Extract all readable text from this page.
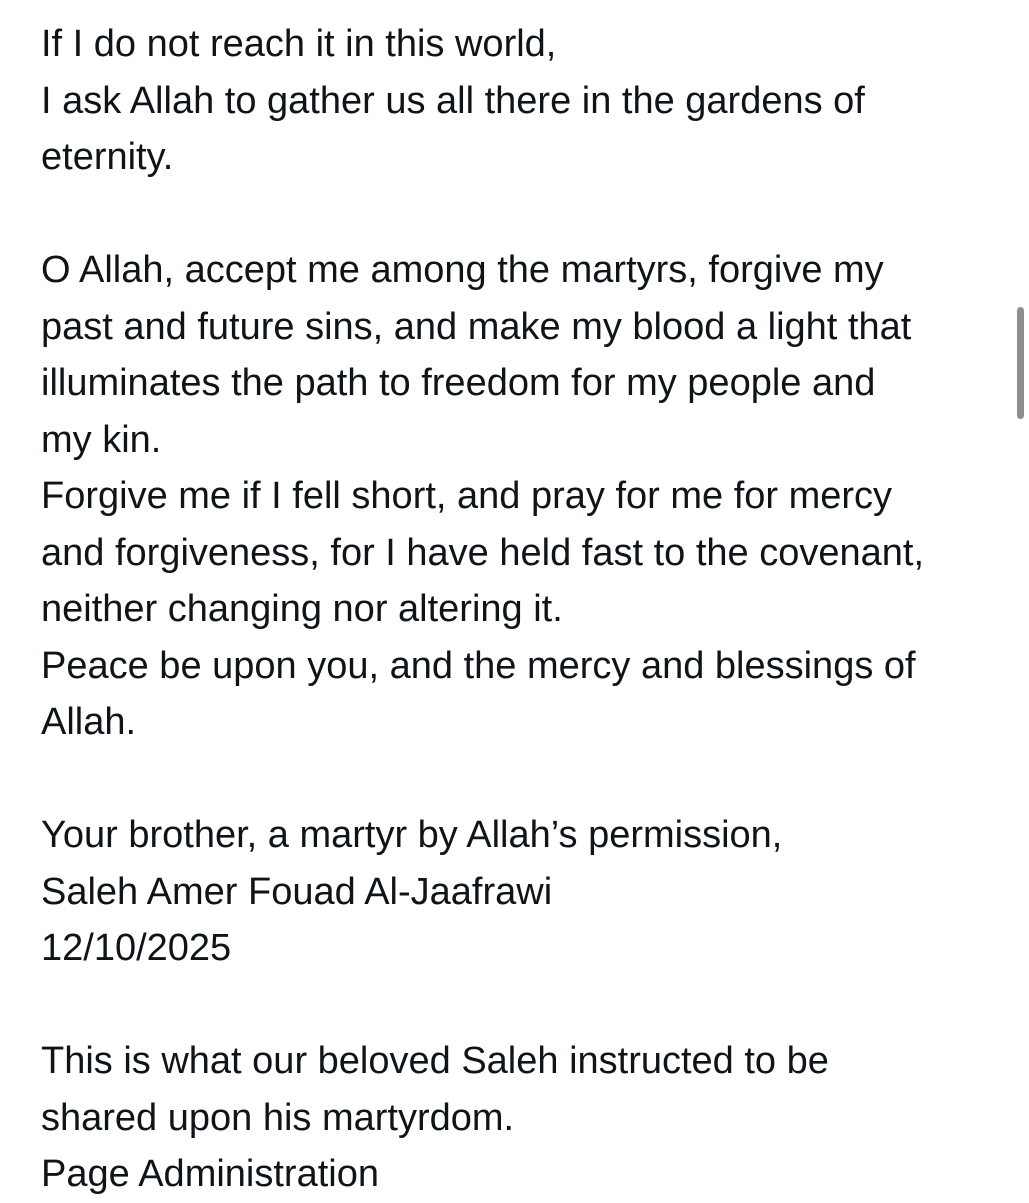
If I do not reach it in this world,
I ask Allah to gather us all there in the gardens of
eternity.
O Allah, accept me among the martyrs, forgive my
past and future sins, and make my blood a light that
illuminates the path to freedom for my people and
my kin.
Forgive me if I fell short, and pray for me for mercy
and forgiveness, for I have held fast to the covenant,
neither changing nor altering it.
Peace be upon you, and the mercy and blessings of
Allah.
Your brother, a martyr by Allah’s permission,
Saleh Amer Fouad Al-Jaafrawi
12/10/2025
This is what our beloved Saleh instructed to be
shared upon his martyrdom.
Page Administration
